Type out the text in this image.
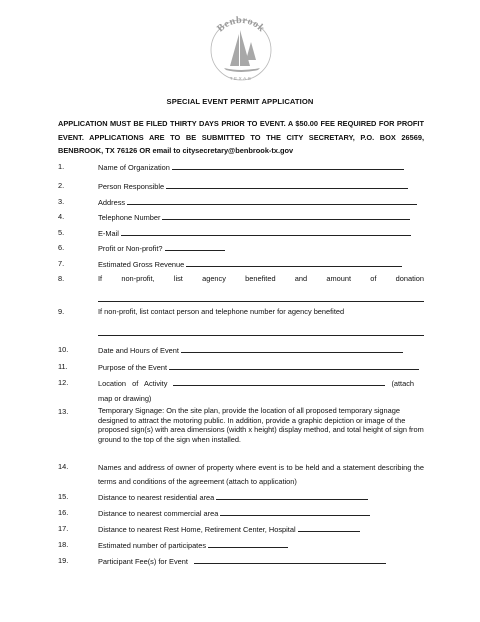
Benbrook
TEXAS
SPECIAL EVENT PERMIT APPLICATION
APPLICATION MUST BE FILED THIRTY DAYS PRIOR TO EVENT. A $50.00 FEE REQUIRED FOR PROFIT EVENT. APPLICATIONS ARE TO BE SUBMITTED TO THE CITY SECRETARY, P.O. BOX 26569, BENBROOK, TX 76126 OR email to citysecretary@benbrook-tx.gov
1.	Name of Organization
2.	Person Responsible
3.	Address
4.	Telephone Number
5.	E-Mail
6.	Profit or Non-profit?
7.	Estimated Gross Revenue
8.	If	non-profit,	list	agency	benefited	and	amount	of	donation
9.	If non-profit, list contact person and telephone number for agency benefited
10.	Date and Hours of Event
11.	Purpose of the Event
12.	Location   of   Activity	(attach
map or drawing)
13.	Temporary Signage: On the site plan, provide the location of all proposed temporary signage designed to attract the motoring public. In addition, provide a graphic depiction or image of the proposed sign(s) with area dimensions (width x height) display method, and total height of sign from ground to the top of the sign when installed.
14.	Names and address of owner of property where event is to be held and a statement describing the terms and conditions of the agreement (attach to application)
15.	Distance to nearest residential area
16.	Distance to nearest commercial area
17.	Distance to nearest Rest Home, Retirement Center, Hospital
18.	Estimated number of participates
19.	Participant Fee(s) for Event
